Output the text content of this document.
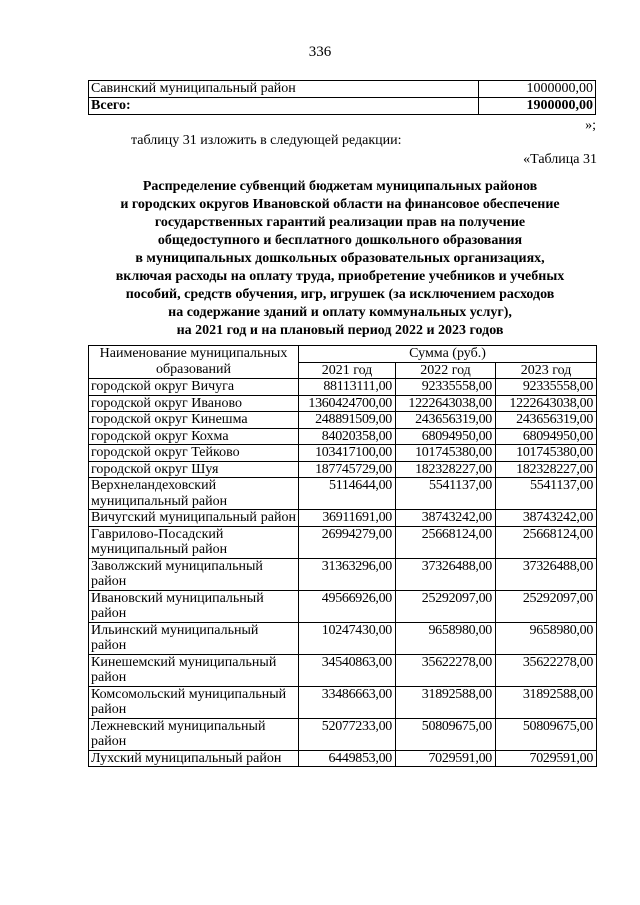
336
Савинский муниципальный район	1000000,00
Всего:	1900000,00
»;
таблицу 31 изложить в следующей редакции:
«Таблица 31
Распределение субвенций бюджетам муниципальных районов
и городских округов Ивановской области на финансовое обеспечение
государственных гарантий реализации прав на получение
общедоступного и бесплатного дошкольного образования
в муниципальных дошкольных образовательных организациях,
включая расходы на оплату труда, приобретение учебников и учебных
пособий, средств обучения, игр, игрушек (за исключением расходов
на содержание зданий и оплату коммунальных услуг),
на 2021 год и на плановый период 2022 и 2023 годов
Наименование муниципальных образований	Сумма (руб.)		
	2021 год	2022 год	2023 год
городской округ Вичуга	88113111,00	92335558,00	92335558,00
городской округ Иваново	1360424700,00	1222643038,00	1222643038,00
городской округ Кинешма	248891509,00	243656319,00	243656319,00
городской округ Кохма	84020358,00	68094950,00	68094950,00
городской округ Тейково	103417100,00	101745380,00	101745380,00
городской округ Шуя	187745729,00	182328227,00	182328227,00
Верхнеландеховский муниципальный район	5114644,00	5541137,00	5541137,00
Вичугский муниципальный район	36911691,00	38743242,00	38743242,00
Гаврилово-Посадский муниципальный район	26994279,00	25668124,00	25668124,00
Заволжский муниципальный район	31363296,00	37326488,00	37326488,00
Ивановский муниципальный район	49566926,00	25292097,00	25292097,00
Ильинский муниципальный район	10247430,00	9658980,00	9658980,00
Кинешемский муниципальный район	34540863,00	35622278,00	35622278,00
Комсомольский муниципальный район	33486663,00	31892588,00	31892588,00
Лежневский муниципальный район	52077233,00	50809675,00	50809675,00
Лухский муниципальный район	6449853,00	7029591,00	7029591,00
